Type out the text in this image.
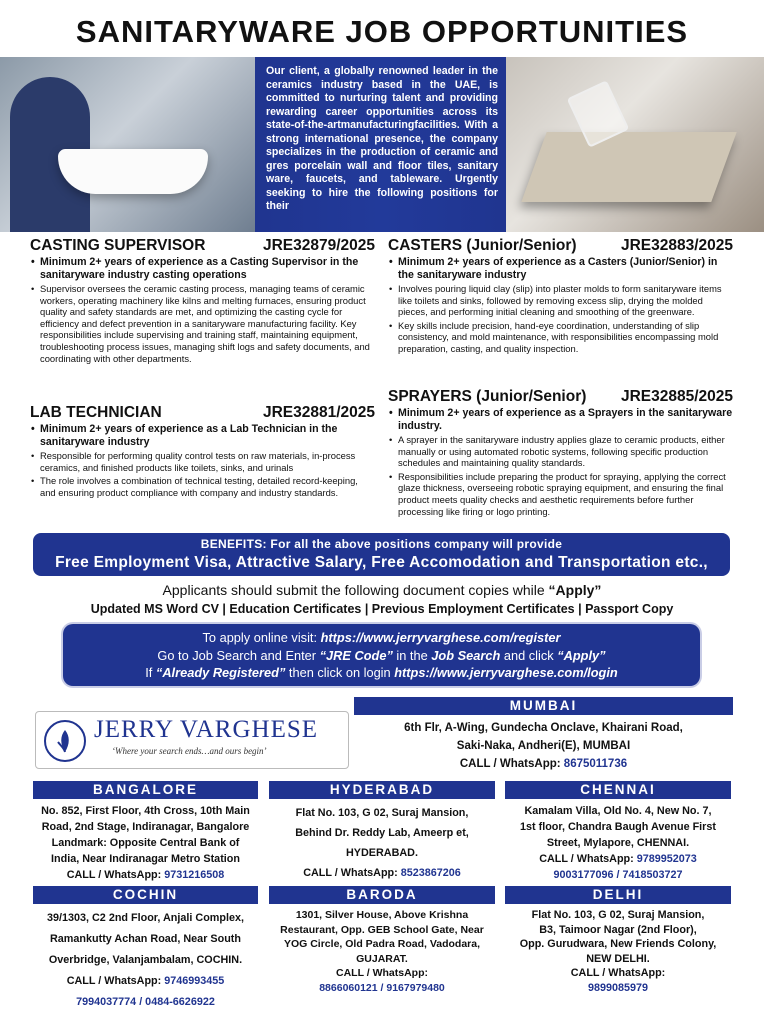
SANITARYWARE JOB OPPORTUNITIES
Our client, a globally renowned leader in the ceramics industry based in the UAE, is committed to nurturing talent and providing rewarding career opportunities across its state-of-the-artmanufacturingfacilities. With a strong international presence, the company specializes in the production of ceramic and gres porcelain wall and floor tiles, sanitary ware, faucets, and tableware. Urgently seeking to hire the following positions for their
CASTING SUPERVISOR	JRE32879/2025
• Minimum 2+ years of experience as a Casting Supervisor in the sanitaryware industry casting operations
• Supervisor oversees the ceramic casting process, managing teams of ceramic workers, operating machinery like kilns and melting furnaces, ensuring product quality and safety standards are met, and optimizing the casting cycle for efficiency and defect prevention in a sanitaryware manufacturing facility. Key responsibilities include supervising and training staff, maintaining equipment, troubleshooting process issues, managing shift logs and safety documents, and coordinating with other departments.
LAB TECHNICIAN	JRE32881/2025
• Minimum 2+ years of experience as a Lab Technician in the sanitaryware industry
• Responsible for performing quality control tests on raw materials, in-process ceramics, and finished products like toilets, sinks, and urinals
• The role involves a combination of technical testing, detailed record-keeping, and ensuring product compliance with company and industry standards.
CASTERS (Junior/Senior)	JRE32883/2025
• Minimum 2+ years of experience as a Casters (Junior/Senior) in the sanitaryware industry
• Involves pouring liquid clay (slip) into plaster molds to form sanitaryware items like toilets and sinks, followed by removing excess slip, drying the molded pieces, and performing initial cleaning and smoothing of the greenware.
• Key skills include precision, hand-eye coordination, understanding of slip consistency, and mold maintenance, with responsibilities encompassing mold preparation, casting, and quality inspection.
SPRAYERS (Junior/Senior) JRE32885/2025
• Minimum 2+ years of experience as a Sprayers in the sanitaryware industry.
• A sprayer in the sanitaryware industry applies glaze to ceramic products, either manually or using automated robotic systems, following specific production schedules and maintaining quality standards.
• Responsibilities include preparing the product for spraying, applying the correct glaze thickness, overseeing robotic spraying equipment, and ensuring the final product meets quality checks and aesthetic requirements before further processing like firing or logo printing.
BENEFITS: For all the above positions company will provide
Free Employment Visa, Attractive Salary, Free Accomodation and Transportation etc.,
Applicants should submit the following document copies while “Apply”
Updated MS Word CV | Education Certificates | Previous Employment Certificates | Passport Copy
To apply online visit: https://www.jerryvarghese.com/register
Go to Job Search and Enter “JRE Code” in the Job Search and click “Apply”
If “Already Registered” then click on login https://www.jerryvarghese.com/login
JERRY VARGHESE
‘Where your search ends…and ours begin’
MUMBAI
6th Flr, A-Wing, Gundecha Onclave, Khairani Road,
Saki-Naka, Andheri(E), MUMBAI
CALL / WhatsApp: 8675011736
BANGALORE
No. 852, First Floor, 4th Cross, 10th Main
Road, 2nd Stage, Indiranagar, Bangalore
Landmark: Opposite Central Bank of
India, Near Indiranagar Metro Station
CALL / WhatsApp: 9731216508
HYDERABAD
Flat No. 103, G 02, Suraj Mansion,
Behind Dr. Reddy Lab, Ameerp et,
HYDERABAD.
CALL / WhatsApp: 8523867206
CHENNAI
Kamalam Villa, Old No. 4, New No. 7,
1st floor, Chandra Baugh Avenue First
Street, Mylapore, CHENNAI.
CALL / WhatsApp: 9789952073
9003177096 / 7418503727
COCHIN
39/1303, C2 2nd Floor, Anjali Complex,
Ramankutty Achan Road, Near South
Overbridge, Valanjambalam, COCHIN.
CALL / WhatsApp: 9746993455
7994037774 / 0484-6626922
BARODA
1301, Silver House, Above Krishna
Restaurant, Opp. GEB School Gate, Near
YOG Circle, Old Padra Road, Vadodara,
GUJARAT.
CALL / WhatsApp:
8866060121 / 9167979480
DELHI
Flat No. 103, G 02, Suraj Mansion,
B3, Taimoor Nagar (2nd Floor),
Opp. Gurudwara, New Friends Colony,
NEW DELHI.
CALL / WhatsApp:
9899085979
